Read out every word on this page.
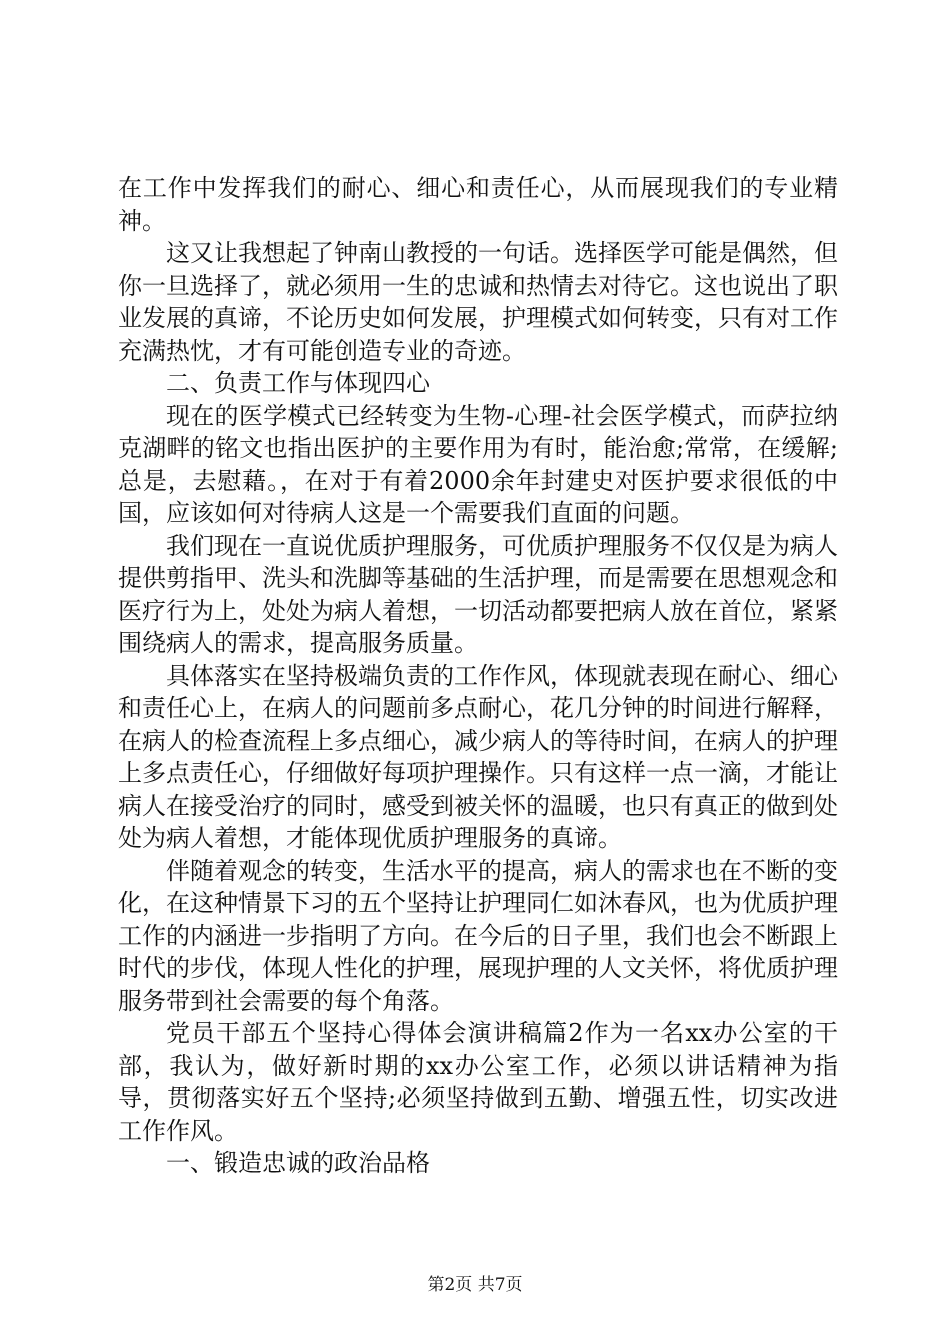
在工作中发挥我们的耐心、细心和责任心，从而展现我们的专业精神。

这又让我想起了钟南山教授的一句话。选择医学可能是偶然，但你一旦选择了，就必须用一生的忠诚和热情去对待它。这也说出了职业发展的真谛，不论历史如何发展，护理模式如何转变，只有对工作充满热忱，才有可能创造专业的奇迹。

二、负责工作与体现四心

现在的医学模式已经转变为生物-心理-社会医学模式，而萨拉纳克湖畔的铭文也指出医护的主要作用为有时，能治愈;常常，在缓解;总是，去慰藉。，在对于有着2000余年封建史对医护要求很低的中国，应该如何对待病人这是一个需要我们直面的问题。

我们现在一直说优质护理服务，可优质护理服务不仅仅是为病人提供剪指甲、洗头和洗脚等基础的生活护理，而是需要在思想观念和医疗行为上，处处为病人着想，一切活动都要把病人放在首位，紧紧围绕病人的需求，提高服务质量。

具体落实在坚持极端负责的工作作风，体现就表现在耐心、细心和责任心上，在病人的问题前多点耐心，花几分钟的时间进行解释，在病人的检查流程上多点细心，减少病人的等待时间，在病人的护理上多点责任心，仔细做好每项护理操作。只有这样一点一滴，才能让病人在接受治疗的同时，感受到被关怀的温暖，也只有真正的做到处处为病人着想，才能体现优质护理服务的真谛。

伴随着观念的转变，生活水平的提高，病人的需求也在不断的变化，在这种情景下习的五个坚持让护理同仁如沐春风，也为优质护理工作的内涵进一步指明了方向。在今后的日子里，我们也会不断跟上时代的步伐，体现人性化的护理，展现护理的人文关怀，将优质护理服务带到社会需要的每个角落。

党员干部五个坚持心得体会演讲稿篇2作为一名xx办公室的干部，我认为，做好新时期的xx办公室工作，必须以讲话精神为指导，贯彻落实好五个坚持;必须坚持做到五勤、增强五性，切实改进工作作风。

一、锻造忠诚的政治品格

第2页 共7页
